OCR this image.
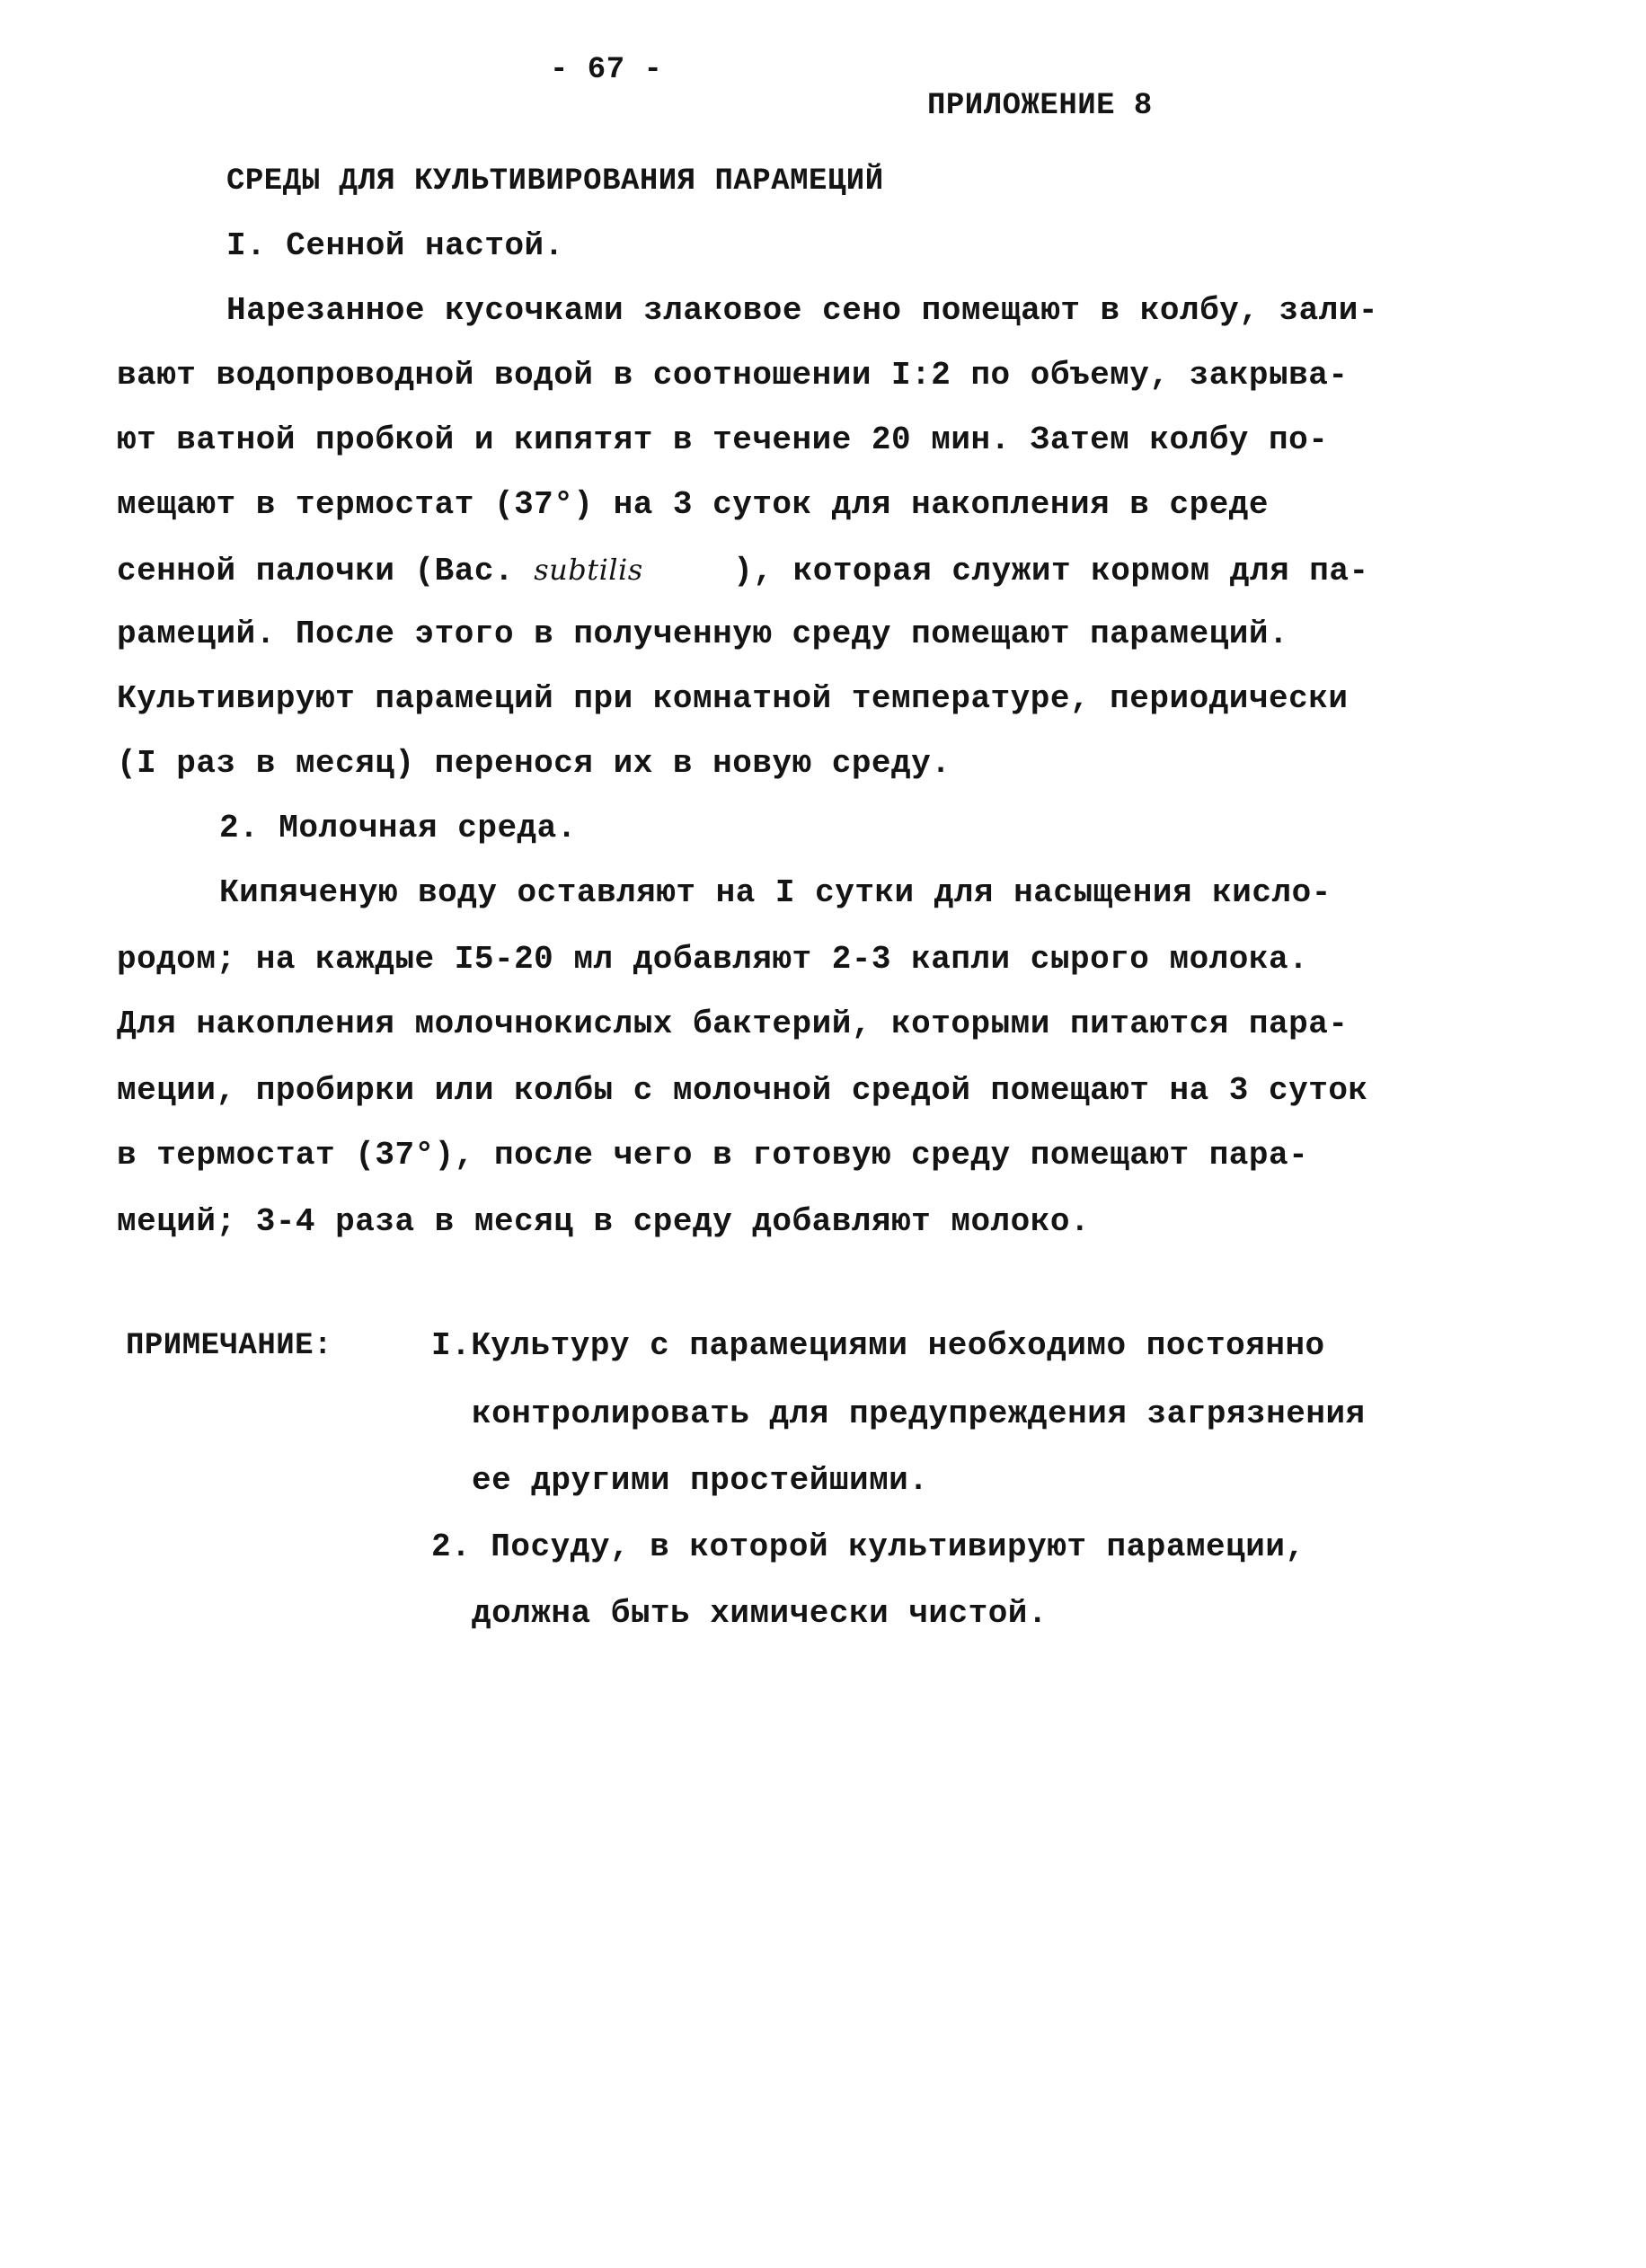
- 67 -
ПРИЛОЖЕНИЕ 8
СРЕДЫ ДЛЯ КУЛЬТИВИРОВАНИЯ ПАРАМЕЦИЙ
I. Сенной настой.
Нарезанное кусочками злаковое сено помещают в колбу, зали-
вают водопроводной водой в соотношении I:2 по объему, закрыва-
ют ватной пробкой и кипятят в течение 20 мин. Затем колбу по-
мещают в термостат (37°) на 3 суток для накопления в среде
сенной палочки (Вас. subtilis	), которая служит кормом для па-
рамеций. После этого в полученную среду помещают парамеций.
Культивируют парамеций при комнатной температуре, периодически
(I раз в месяц) перенося их в новую среду.
2. Молочная среда.
Кипяченую воду оставляют на I сутки для насыщения кисло-
родом; на каждые I5-20 мл добавляют 2-3 капли сырого молока.
Для накопления молочнокислых бактерий, которыми питаются пара-
меции, пробирки или колбы с молочной средой помещают на 3 суток
в термостат (37°), после чего в готовую среду помещают пара-
меций; 3-4 раза в месяц в среду добавляют молоко.
ПРИМЕЧАНИЕ:	I.Культуру с парамециями необходимо постоянно
контролировать для предупреждения загрязнения
ее другими простейшими.
2. Посуду, в которой культивируют парамеции,
должна быть химически чистой.
